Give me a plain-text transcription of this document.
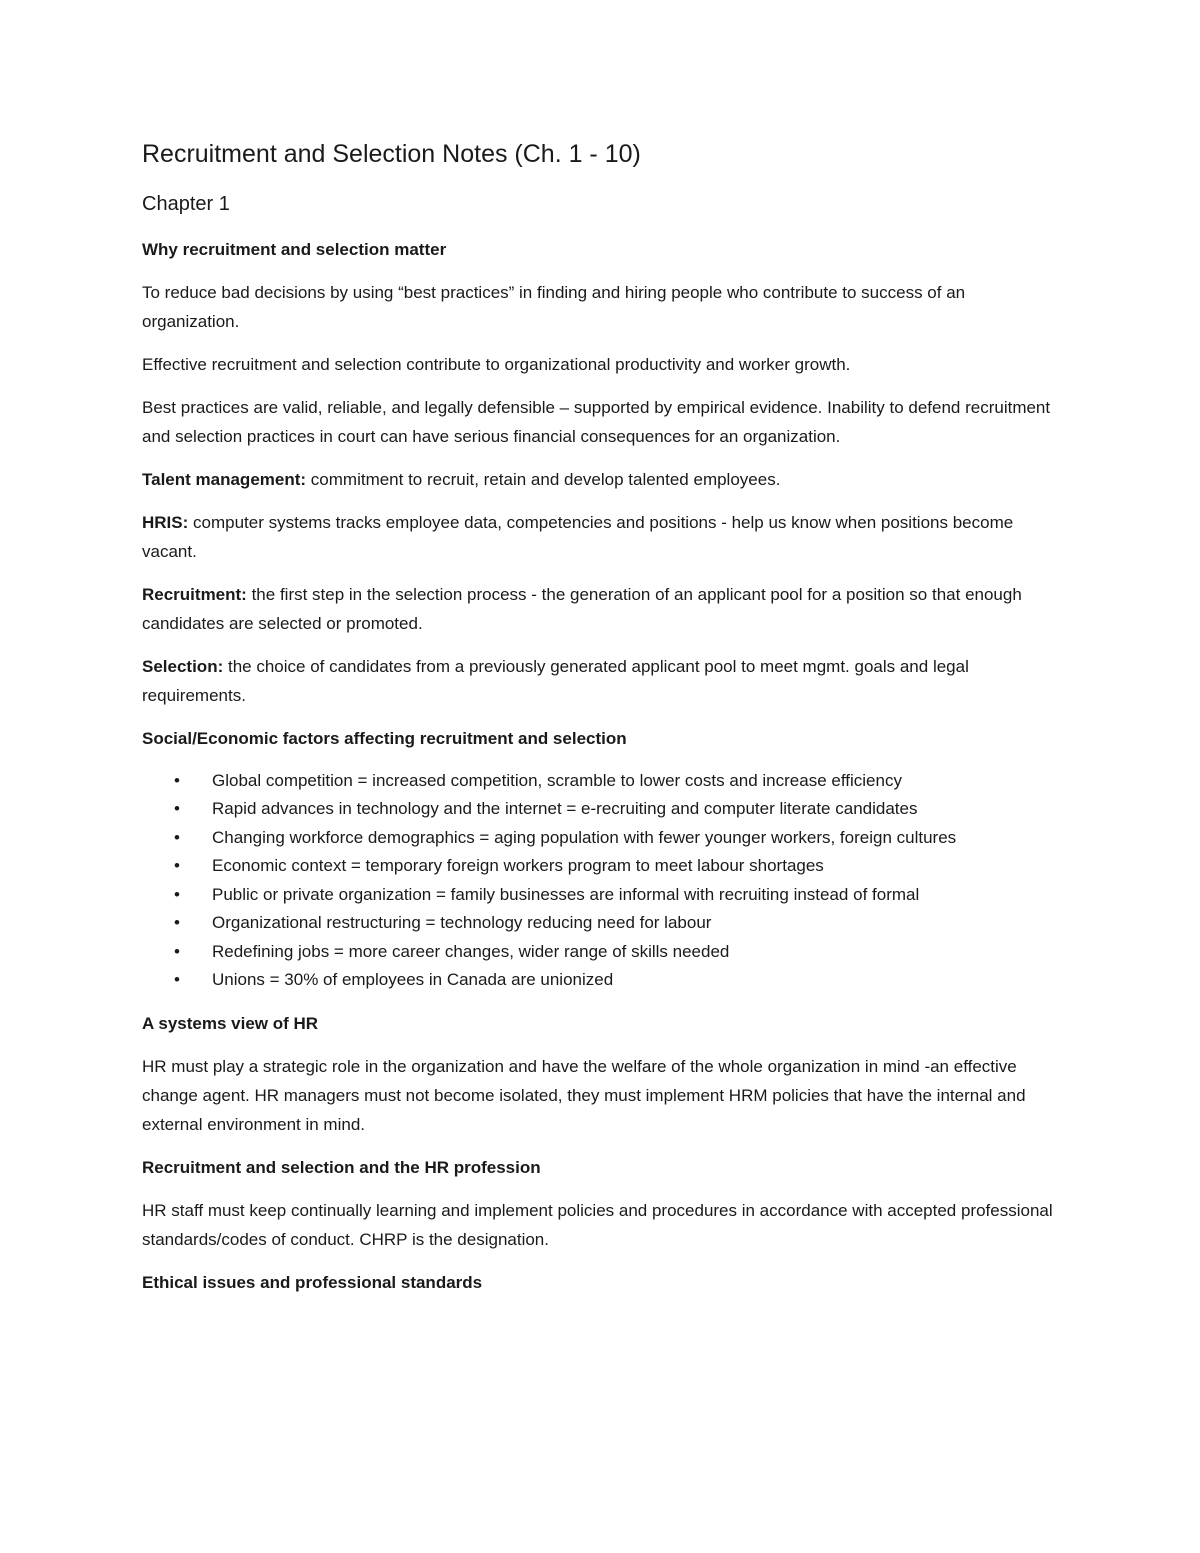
Recruitment and Selection Notes (Ch. 1 - 10)
Chapter 1
Why recruitment and selection matter
To reduce bad decisions by using “best practices” in finding and hiring people who contribute to success of an organization.
Effective recruitment and selection contribute to organizational productivity and worker growth.
Best practices are valid, reliable, and legally defensible – supported by empirical evidence. Inability to defend recruitment and selection practices in court can have serious financial consequences for an organization.
Talent management: commitment to recruit, retain and develop talented employees.
HRIS: computer systems tracks employee data, competencies and positions - help us know when positions become vacant.
Recruitment: the first step in the selection process - the generation of an applicant pool for a position so that enough candidates are selected or promoted.
Selection: the choice of candidates from a previously generated applicant pool to meet mgmt. goals and legal requirements.
Social/Economic factors affecting recruitment and selection
• Global competition = increased competition, scramble to lower costs and increase efficiency
• Rapid advances in technology and the internet = e-recruiting and computer literate candidates
• Changing workforce demographics = aging population with fewer younger workers, foreign cultures
• Economic context = temporary foreign workers program to meet labour shortages
• Public or private organization = family businesses are informal with recruiting instead of formal
• Organizational restructuring = technology reducing need for labour
• Redefining jobs = more career changes, wider range of skills needed
• Unions = 30% of employees in Canada are unionized
A systems view of HR
HR must play a strategic role in the organization and have the welfare of the whole organization in mind -an effective change agent. HR managers must not become isolated, they must implement HRM policies that have the internal and external environment in mind.
Recruitment and selection and the HR profession
HR staff must keep continually learning and implement policies and procedures in accordance with accepted professional standards/codes of conduct. CHRP is the designation.
Ethical issues and professional standards
